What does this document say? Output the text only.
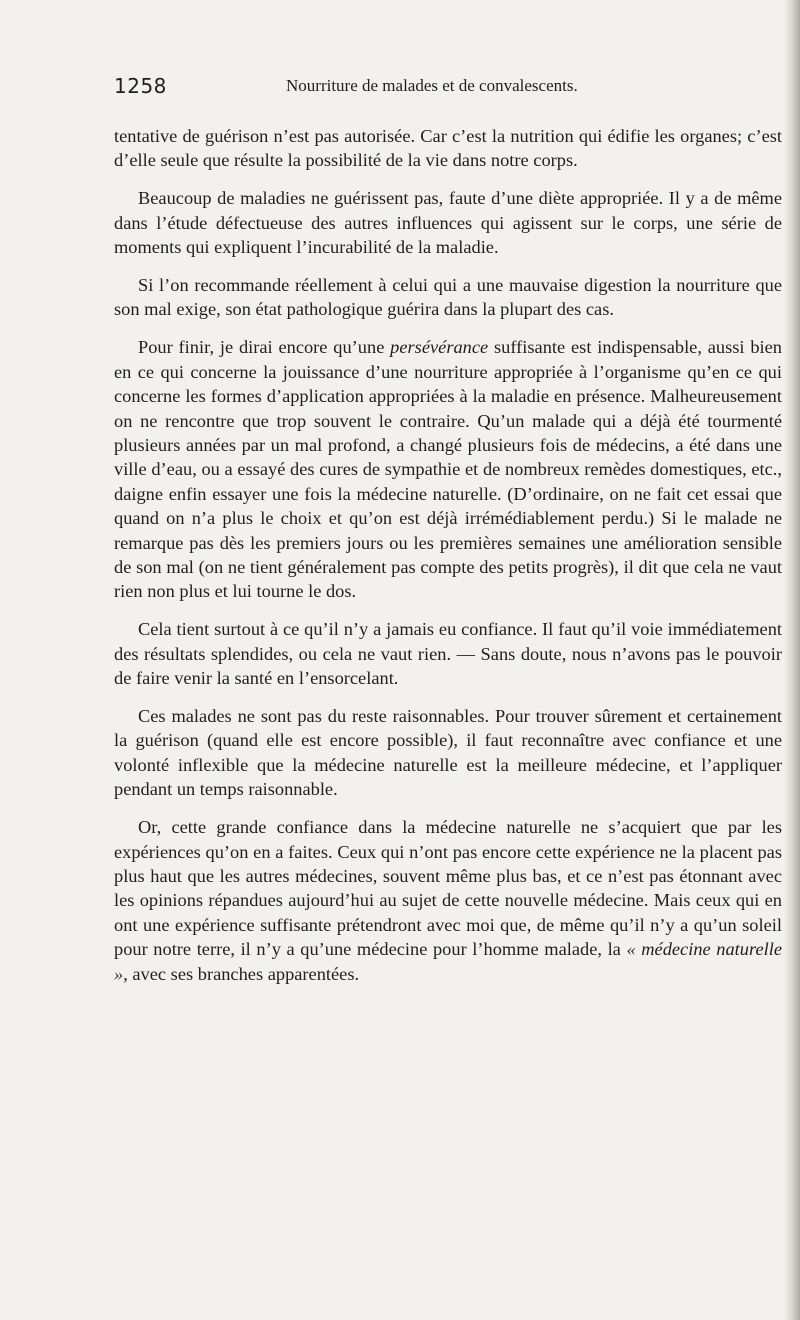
1258	Nourriture de malades et de convalescents.

tentative de guérison n’est pas autorisée. Car c’est la nutrition qui édifie les organes; c’est d’elle seule que résulte la possibilité de la vie dans notre corps.

Beaucoup de maladies ne guérissent pas, faute d’une diète appropriée. Il y a de même dans l’étude défectueuse des autres influences qui agissent sur le corps, une série de moments qui expliquent l’incurabilité de la maladie.

Si l’on recommande réellement à celui qui a une mauvaise digestion la nourriture que son mal exige, son état pathologique guérira dans la plupart des cas.

Pour finir, je dirai encore qu’une persévérance suffisante est indispensable, aussi bien en ce qui concerne la jouissance d’une nourriture appropriée à l’organisme qu’en ce qui concerne les formes d’application appropriées à la maladie en présence. Malheureusement on ne rencontre que trop souvent le contraire. Qu’un malade qui a déjà été tourmenté plusieurs années par un mal profond, a changé plusieurs fois de médecins, a été dans une ville d’eau, ou a essayé des cures de sympathie et de nombreux remèdes domestiques, etc., daigne enfin essayer une fois la médecine naturelle. (D’ordinaire, on ne fait cet essai que quand on n’a plus le choix et qu’on est déjà irrémédiablement perdu.) Si le malade ne remarque pas dès les premiers jours ou les premières semaines une amélioration sensible de son mal (on ne tient généralement pas compte des petits progrès), il dit que cela ne vaut rien non plus et lui tourne le dos.

Cela tient surtout à ce qu’il n’y a jamais eu confiance. Il faut qu’il voie immédiatement des résultats splendides, ou cela ne vaut rien. — Sans doute, nous n’avons pas le pouvoir de faire venir la santé en l’ensorcelant.

Ces malades ne sont pas du reste raisonnables. Pour trouver sûrement et certainement la guérison (quand elle est encore possible), il faut reconnaître avec confiance et une volonté inflexible que la médecine naturelle est la meilleure médecine, et l’appliquer pendant un temps raisonnable.

Or, cette grande confiance dans la médecine naturelle ne s’acquiert que par les expériences qu’on en a faites. Ceux qui n’ont pas encore cette expérience ne la placent pas plus haut que les autres médecines, souvent même plus bas, et ce n’est pas étonnant avec les opinions répandues aujourd’hui au sujet de cette nouvelle médecine. Mais ceux qui en ont une expérience suffisante prétendront avec moi que, de même qu’il n’y a qu’un soleil pour notre terre, il n’y a qu’une médecine pour l’homme malade, la « médecine naturelle », avec ses branches apparentées.
